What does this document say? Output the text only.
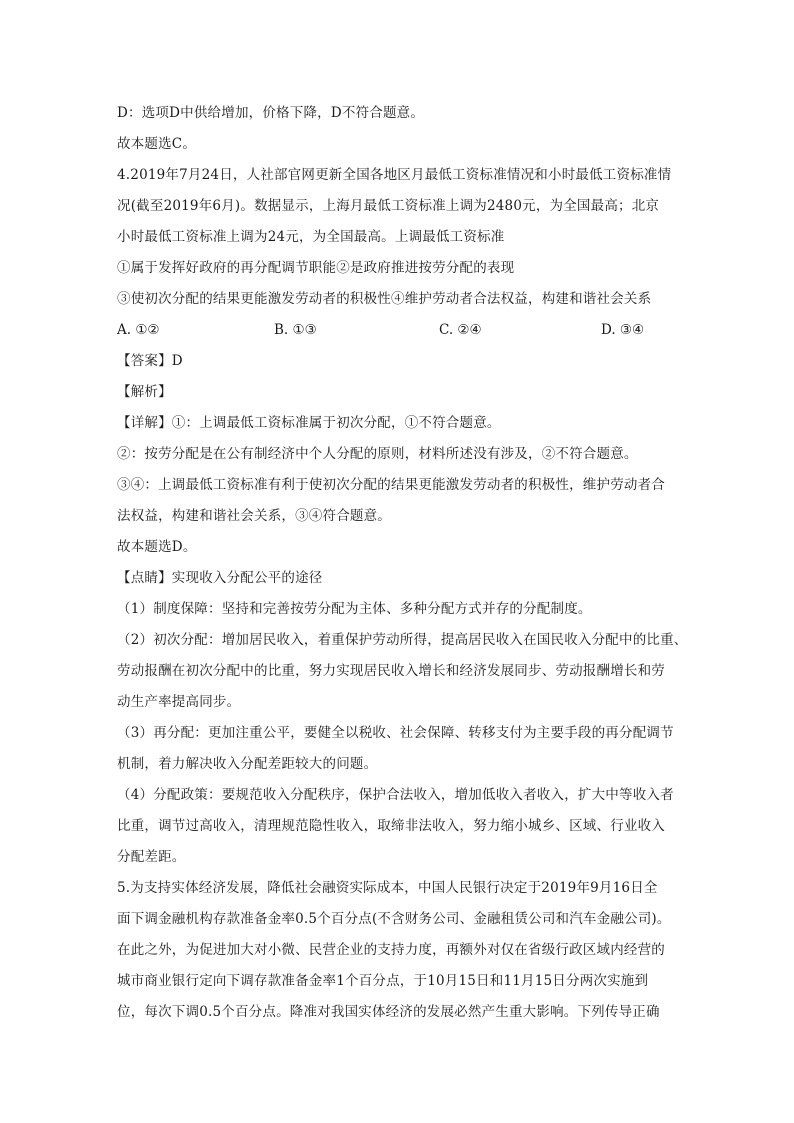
D：选项D中供给增加，价格下降，D不符合题意。
故本题选C。
4.2019年7月24日，人社部官网更新全国各地区月最低工资标准情况和小时最低工资标准情
况(截至2019年6月)。数据显示，上海月最低工资标准上调为2480元，为全国最高；北京
小时最低工资标准上调为24元，为全国最高。上调最低工资标准
①属于发挥好政府的再分配调节职能②是政府推进按劳分配的表现
③使初次分配的结果更能激发劳动者的积极性④维护劳动者合法权益，构建和谐社会关系
A. ①②	B. ①③	C. ②④	D. ③④
【答案】D
【解析】
【详解】①：上调最低工资标准属于初次分配，①不符合题意。
②：按劳分配是在公有制经济中个人分配的原则，材料所述没有涉及，②不符合题意。
③④：上调最低工资标准有利于使初次分配的结果更能激发劳动者的积极性，维护劳动者合
法权益，构建和谐社会关系，③④符合题意。
故本题选D。
【点睛】实现收入分配公平的途径
（1）制度保障：坚持和完善按劳分配为主体、多种分配方式并存的分配制度。
（2）初次分配：增加居民收入，着重保护劳动所得，提高居民收入在国民收入分配中的比重、
劳动报酬在初次分配中的比重，努力实现居民收入增长和经济发展同步、劳动报酬增长和劳
动生产率提高同步。
（3）再分配：更加注重公平，要健全以税收、社会保障、转移支付为主要手段的再分配调节
机制，着力解决收入分配差距较大的问题。
（4）分配政策：要规范收入分配秩序，保护合法收入，增加低收入者收入，扩大中等收入者
比重，调节过高收入，清理规范隐性收入，取缔非法收入，努力缩小城乡、区域、行业收入
分配差距。
5.为支持实体经济发展，降低社会融资实际成本，中国人民银行决定于2019年9月16日全
面下调金融机构存款准备金率0.5个百分点(不含财务公司、金融租赁公司和汽车金融公司)。
在此之外，为促进加大对小微、民营企业的支持力度，再额外对仅在省级行政区域内经营的
城市商业银行定向下调存款准备金率1个百分点，于10月15日和11月15日分两次实施到
位，每次下调0.5个百分点。降准对我国实体经济的发展必然产生重大影响。下列传导正确
